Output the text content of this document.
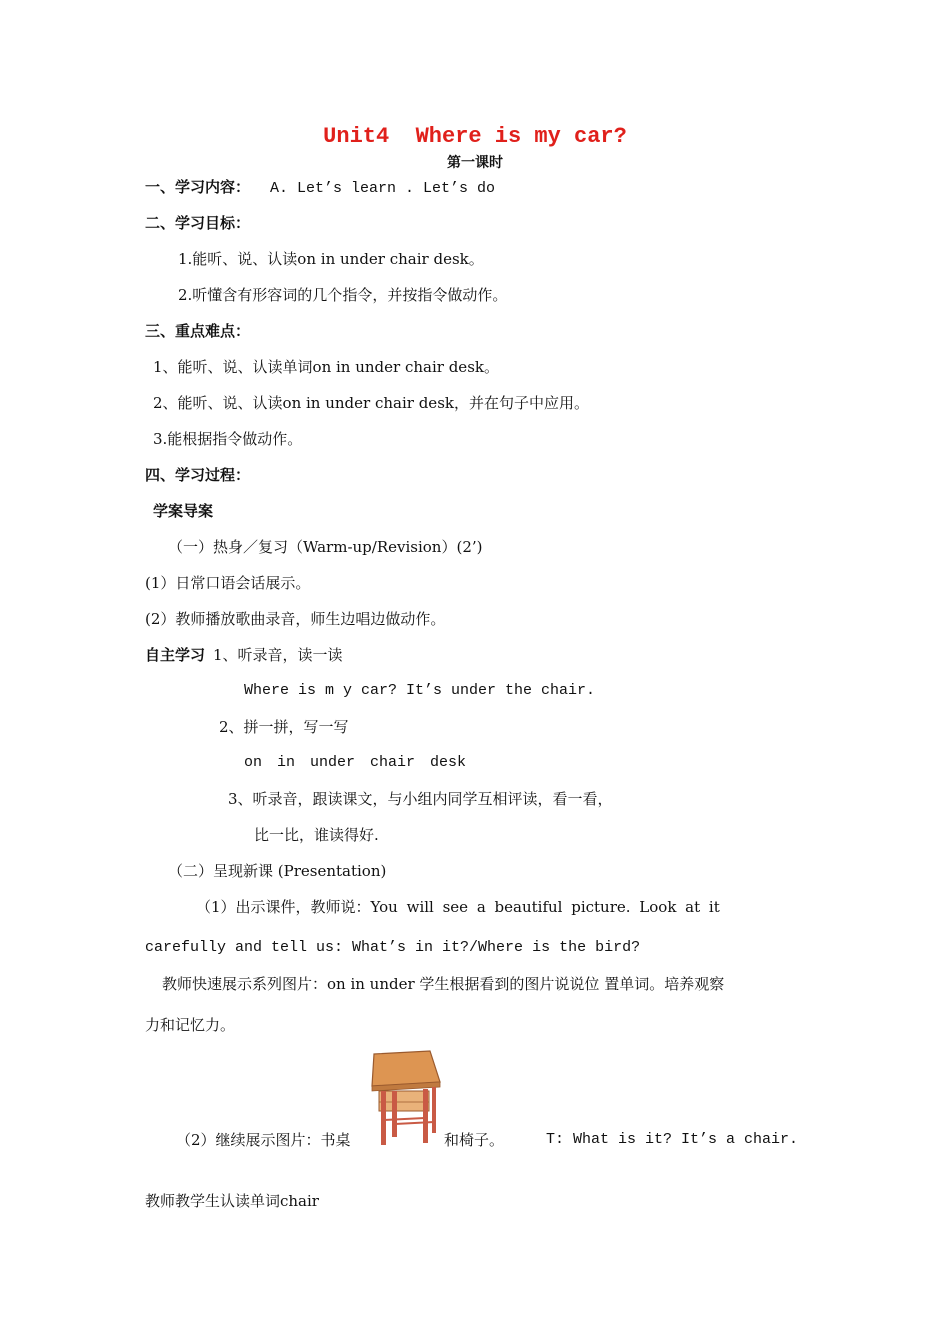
Unit4  Where is my car?
第一课时
一、学习内容： A. Let’s learn . Let’s do
二、学习目标：
1.能听、说、认读on in under chair desk。
2.听懂含有形容词的几个指令，并按指令做动作。
三、重点难点：
1、能听、说、认读单词on in under chair desk。
2、能听、说、认读on in under chair desk，并在句子中应用。
3.能根据指令做动作。
四、学习过程：
学案导案
（一）热身／复习（Warm-up/Revision）(2’)
(1）日常口语会话展示。
(2）教师播放歌曲录音，师生边唱边做动作。
自主学习 1、听录音，读一读
Where is m y car? It’s under the chair.
2、拼一拼，写一写
on in under chair desk
3、听录音，跟读课文，与小组内同学互相评读，看一看，
比一比，谁读得好.
（二）呈现新课 (Presentation)
（1）出示课件，教师说：You will see a beautiful picture. Look at it
carefully and tell us: What’s in it?/Where is the bird?
教师快速展示系列图片：on in under 学生根据看到的图片说说位 置单词。培养观察
力和记忆力。
（2）继续展示图片：书桌	和椅子。	T: What is it? It’s a chair.
教师教学生认读单词chair
